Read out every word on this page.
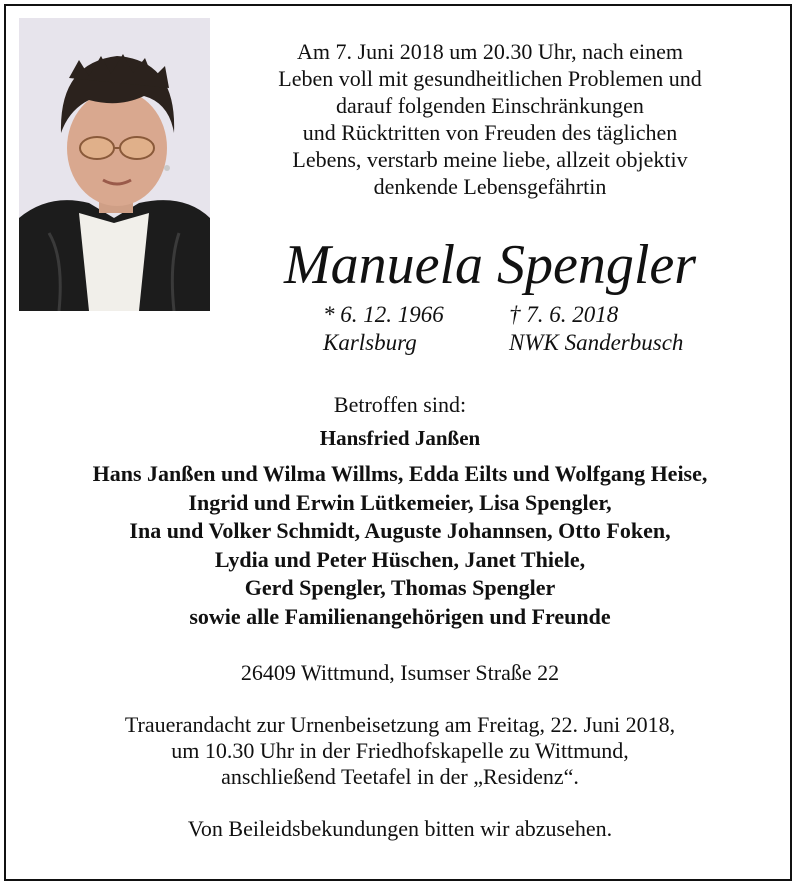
Am 7. Juni 2018 um 20.30 Uhr, nach einem
Leben voll mit gesundheitlichen Problemen und
darauf folgenden Einschränkungen
und Rücktritten von Freuden des täglichen
Lebens, verstarb meine liebe, allzeit objektiv
denkende Lebensgefährtin
Manuela Spengler
* 6. 12. 1966
Karlsburg
† 7. 6. 2018
NWK Sanderbusch
Betroffen sind:
Hansfried Janßen
Hans Janßen und Wilma Willms, Edda Eilts und Wolfgang Heise,
Ingrid und Erwin Lütkemeier, Lisa Spengler,
Ina und Volker Schmidt, Auguste Johannsen, Otto Foken,
Lydia und Peter Hüschen, Janet Thiele,
Gerd Spengler, Thomas Spengler
sowie alle Familienangehörigen und Freunde
26409 Wittmund, Isumser Straße 22
Trauerandacht zur Urnenbeisetzung am Freitag, 22. Juni 2018,
um 10.30 Uhr in der Friedhofskapelle zu Wittmund,
anschließend Teetafel in der „Residenz“.
Von Beileidsbekundungen bitten wir abzusehen.
